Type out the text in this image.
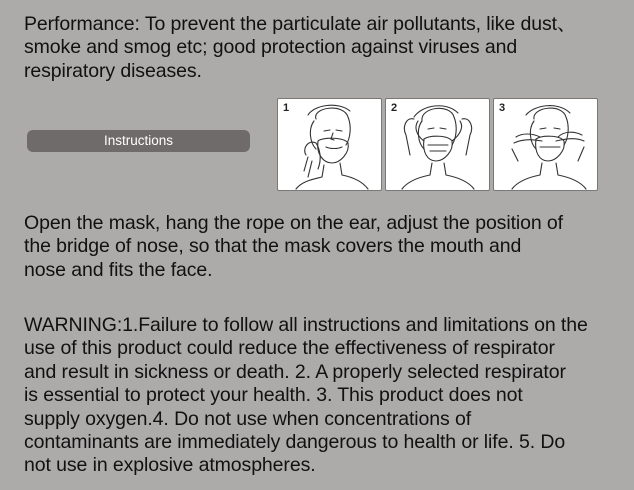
Performance: To prevent the particulate air pollutants, like dust、
smoke and smog etc; good protection against viruses and
respiratory diseases.

Instructions
1	2	3

Open the mask, hang the rope on the ear, adjust the position of
the bridge of nose, so that the mask covers the mouth and
nose and fits the face.

WARNING:1.Failure to follow all instructions and limitations on the
use of this product could reduce the effectiveness of respirator
and result in sickness or death. 2. A properly selected respirator
is essential to protect your health. 3. This product does not
supply oxygen.4. Do not use when concentrations of
contaminants are immediately dangerous to health or life. 5. Do
not use in explosive atmospheres.
